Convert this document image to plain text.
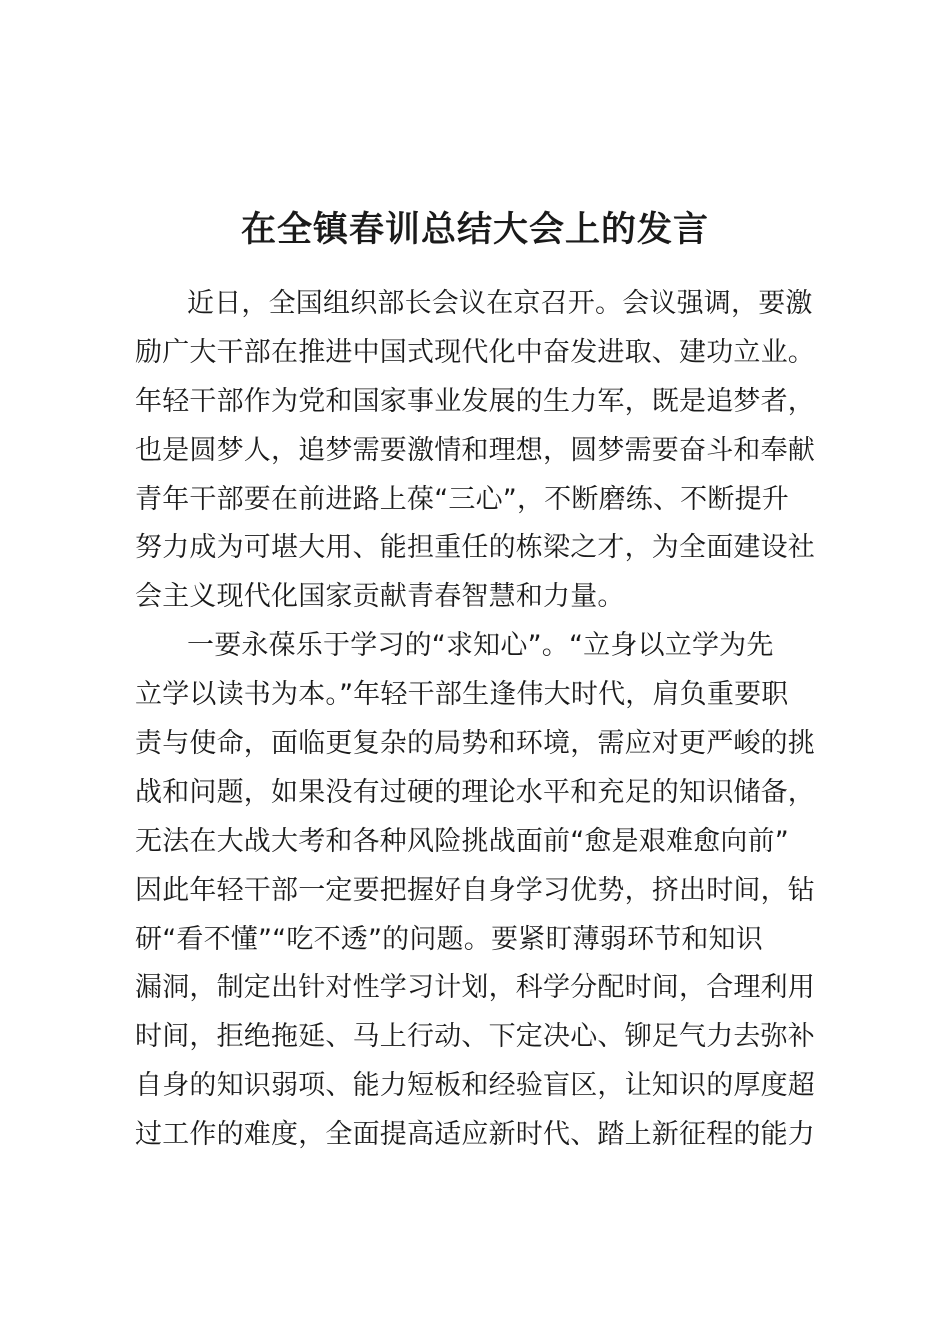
在全镇春训总结大会上的发言
近日，全国组织部长会议在京召开。会议强调，要激
励广大干部在推进中国式现代化中奋发进取、建功立业。
年轻干部作为党和国家事业发展的生力军，既是追梦者，
也是圆梦人，追梦需要激情和理想，圆梦需要奋斗和奉献
青年干部要在前进路上葆“三心”，不断磨练、不断提升
努力成为可堪大用、能担重任的栋梁之才，为全面建设社
会主义现代化国家贡献青春智慧和力量。
一要永葆乐于学习的“求知心”。“立身以立学为先
立学以读书为本。”年轻干部生逢伟大时代，肩负重要职
责与使命，面临更复杂的局势和环境，需应对更严峻的挑
战和问题，如果没有过硬的理论水平和充足的知识储备，
无法在大战大考和各种风险挑战面前“愈是艰难愈向前”
因此年轻干部一定要把握好自身学习优势，挤出时间，钻
研“看不懂”“吃不透”的问题。要紧盯薄弱环节和知识
漏洞，制定出针对性学习计划，科学分配时间，合理利用
时间，拒绝拖延、马上行动、下定决心、铆足气力去弥补
自身的知识弱项、能力短板和经验盲区，让知识的厚度超
过工作的难度，全面提高适应新时代、踏上新征程的能力
